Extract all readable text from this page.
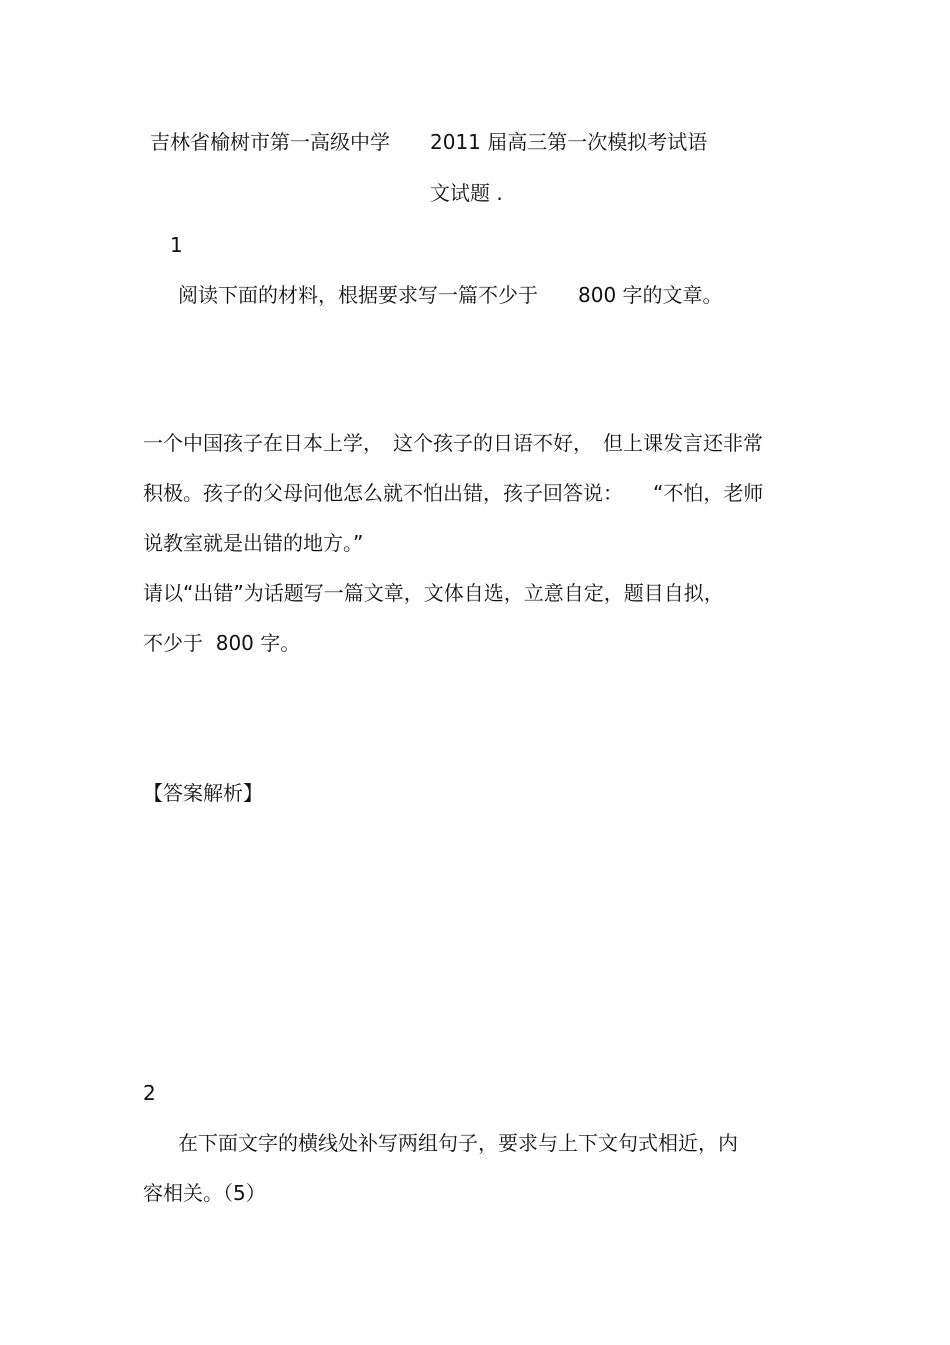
吉林省榆树市第一高级中学　　2011 届高三第一次模拟考试语
文试题 .
1
阅读下面的材料，根据要求写一篇不少于　　800 字的文章。
一个中国孩子在日本上学，　这个孩子的日语不好，　但上课发言还非常
积极。孩子的父母问他怎么就不怕出错，孩子回答说：　　“不怕，老师
说教室就是出错的地方。”
请以“出错”为话题写一篇文章，文体自选，立意自定，题目自拟，
不少于  800 字。
【答案解析】
2
在下面文字的横线处补写两组句子，要求与上下文句式相近，内
容相关。（5）
